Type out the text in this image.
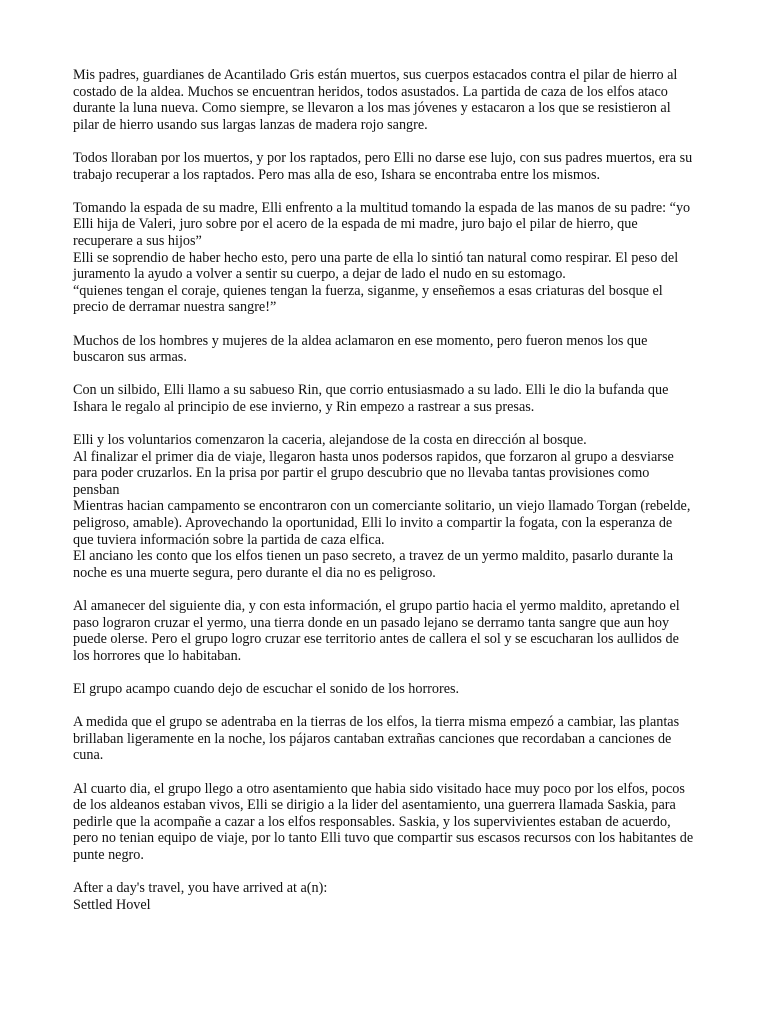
Mis padres, guardianes de Acantilado Gris están muertos, sus cuerpos estacados contra el pilar de hierro al costado de la aldea. Muchos se encuentran heridos, todos asustados. La partida de caza de los elfos ataco durante la luna nueva. Como siempre, se llevaron a los mas jóvenes y estacaron a los que se resistieron al pilar de hierro usando sus largas lanzas de madera rojo sangre.

Todos lloraban por los muertos, y por los raptados, pero Elli no darse ese lujo, con sus padres muertos, era su trabajo recuperar a los raptados. Pero mas alla de eso, Ishara se encontraba entre los mismos.

Tomando la espada de su madre, Elli enfrento a la multitud tomando la espada de las manos de su padre: “yo Elli hija de Valeri, juro sobre por el acero de la espada de mi madre, juro bajo el pilar de hierro, que recuperare a sus hijos”
Elli se soprendio de haber hecho esto, pero una parte de ella lo sintió tan natural como respirar. El peso del juramento la ayudo a volver a sentir su cuerpo, a dejar de lado el nudo en su estomago.
“quienes tengan el coraje, quienes tengan la fuerza, siganme, y enseñemos a esas criaturas del bosque el precio de derramar nuestra sangre!”

Muchos de los hombres y mujeres de la aldea aclamaron en ese momento, pero fueron menos los que buscaron sus armas.

Con un silbido, Elli llamo a su sabueso Rin, que corrio entusiasmado a su lado. Elli le dio la bufanda que Ishara le regalo al principio de ese invierno, y Rin empezo a rastrear a sus presas.

Elli y los voluntarios comenzaron la caceria, alejandose de la costa en dirección al bosque.
Al finalizar el primer dia de viaje, llegaron hasta unos podersos rapidos, que forzaron al grupo a desviarse para poder cruzarlos. En la prisa por partir el grupo descubrio que no llevaba tantas provisiones como pensban
Mientras hacian campamento se encontraron con un comerciante solitario, un viejo llamado Torgan (rebelde, peligroso, amable). Aprovechando la oportunidad, Elli lo invito a compartir la fogata, con la esperanza de que tuviera información sobre la partida de caza elfica.
El anciano les conto que los elfos tienen un paso secreto, a travez de un yermo maldito, pasarlo durante la noche es una muerte segura, pero durante el dia no es peligroso.

Al amanecer del siguiente dia, y con esta información, el grupo partio hacia el yermo maldito, apretando el paso lograron cruzar el yermo, una tierra donde en un pasado lejano se derramo tanta sangre que aun hoy puede olerse. Pero el grupo logro cruzar ese territorio antes de callera el sol y se escucharan los aullidos de los horrores que lo habitaban.

El grupo acampo cuando dejo de escuchar el sonido de los horrores.

A medida que el grupo se adentraba en la tierras de los elfos, la tierra misma empezó a cambiar, las plantas brillaban ligeramente en la noche, los pájaros cantaban extrañas canciones que recordaban a canciones de cuna.

Al cuarto dia, el grupo llego a otro asentamiento que habia sido visitado hace muy poco por los elfos, pocos de los aldeanos estaban vivos, Elli se dirigio a la lider del asentamiento, una guerrera llamada Saskia, para pedirle que la acompañe a cazar a los elfos responsables. Saskia, y los supervivientes estaban de acuerdo, pero no tenian equipo de viaje, por lo tanto Elli tuvo que compartir sus escasos recursos con los habitantes de punte negro.

After a day's travel, you have arrived at a(n):
Settled Hovel
